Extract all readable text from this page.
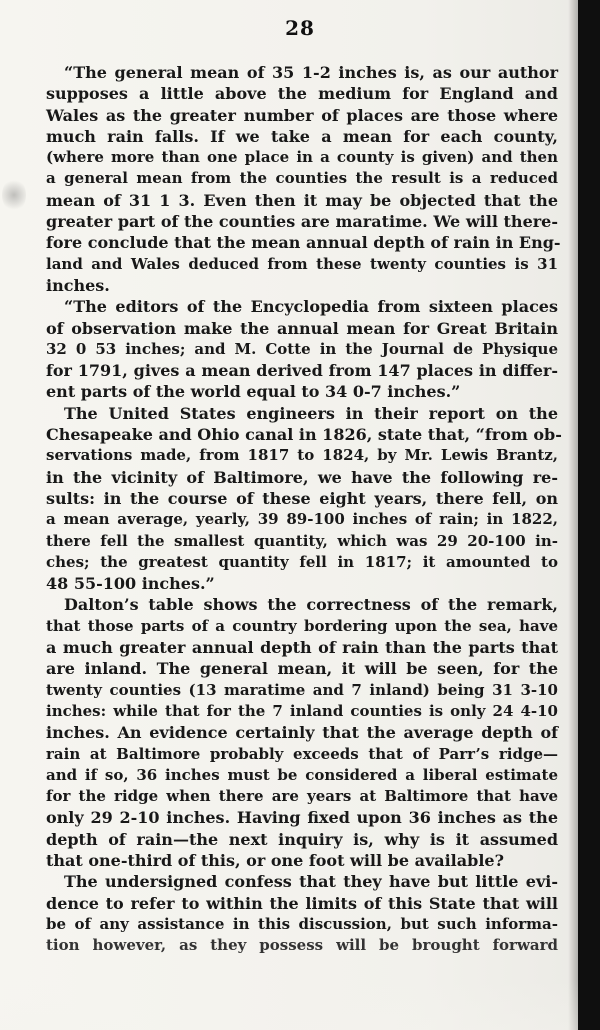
28
“The general mean of 35 1-2 inches is, as our author
supposes a little above the medium for England and
Wales as the greater number of places are those where
much rain falls. If we take a mean for each county,
(where more than one place in a county is given) and then
a general mean from the counties the result is a reduced
mean of 31 1 3. Even then it may be objected that the
greater part of the counties are maratime. We will there-
fore conclude that the mean annual depth of rain in Eng-
land and Wales deduced from these twenty counties is 31
inches.
“The editors of the Encyclopedia from sixteen places
of observation make the annual mean for Great Britain
32 0 53 inches; and M. Cotte in the Journal de Physique
for 1791, gives a mean derived from 147 places in differ-
ent parts of the world equal to 34 0-7 inches.”
The United States engineers in their report on the
Chesapeake and Ohio canal in 1826, state that, “from ob-
servations made, from 1817 to 1824, by Mr. Lewis Brantz,
in the vicinity of Baltimore, we have the following re-
sults: in the course of these eight years, there fell, on
a mean average, yearly, 39 89-100 inches of rain; in 1822,
there fell the smallest quantity, which was 29 20-100 in-
ches; the greatest quantity fell in 1817; it amounted to
48 55-100 inches.”
Dalton’s table shows the correctness of the remark,
that those parts of a country bordering upon the sea, have
a much greater annual depth of rain than the parts that
are inland. The general mean, it will be seen, for the
twenty counties (13 maratime and 7 inland) being 31 3-10
inches: while that for the 7 inland counties is only 24 4-10
inches. An evidence certainly that the average depth of
rain at Baltimore probably exceeds that of Parr’s ridge—
and if so, 36 inches must be considered a liberal estimate
for the ridge when there are years at Baltimore that have
only 29 2-10 inches. Having fixed upon 36 inches as the
depth of rain—the next inquiry is, why is it assumed
that one-third of this, or one foot will be available?
The undersigned confess that they have but little evi-
dence to refer to within the limits of this State that will
be of any assistance in this discussion, but such informa-
tion however, as they possess will be brought forward
